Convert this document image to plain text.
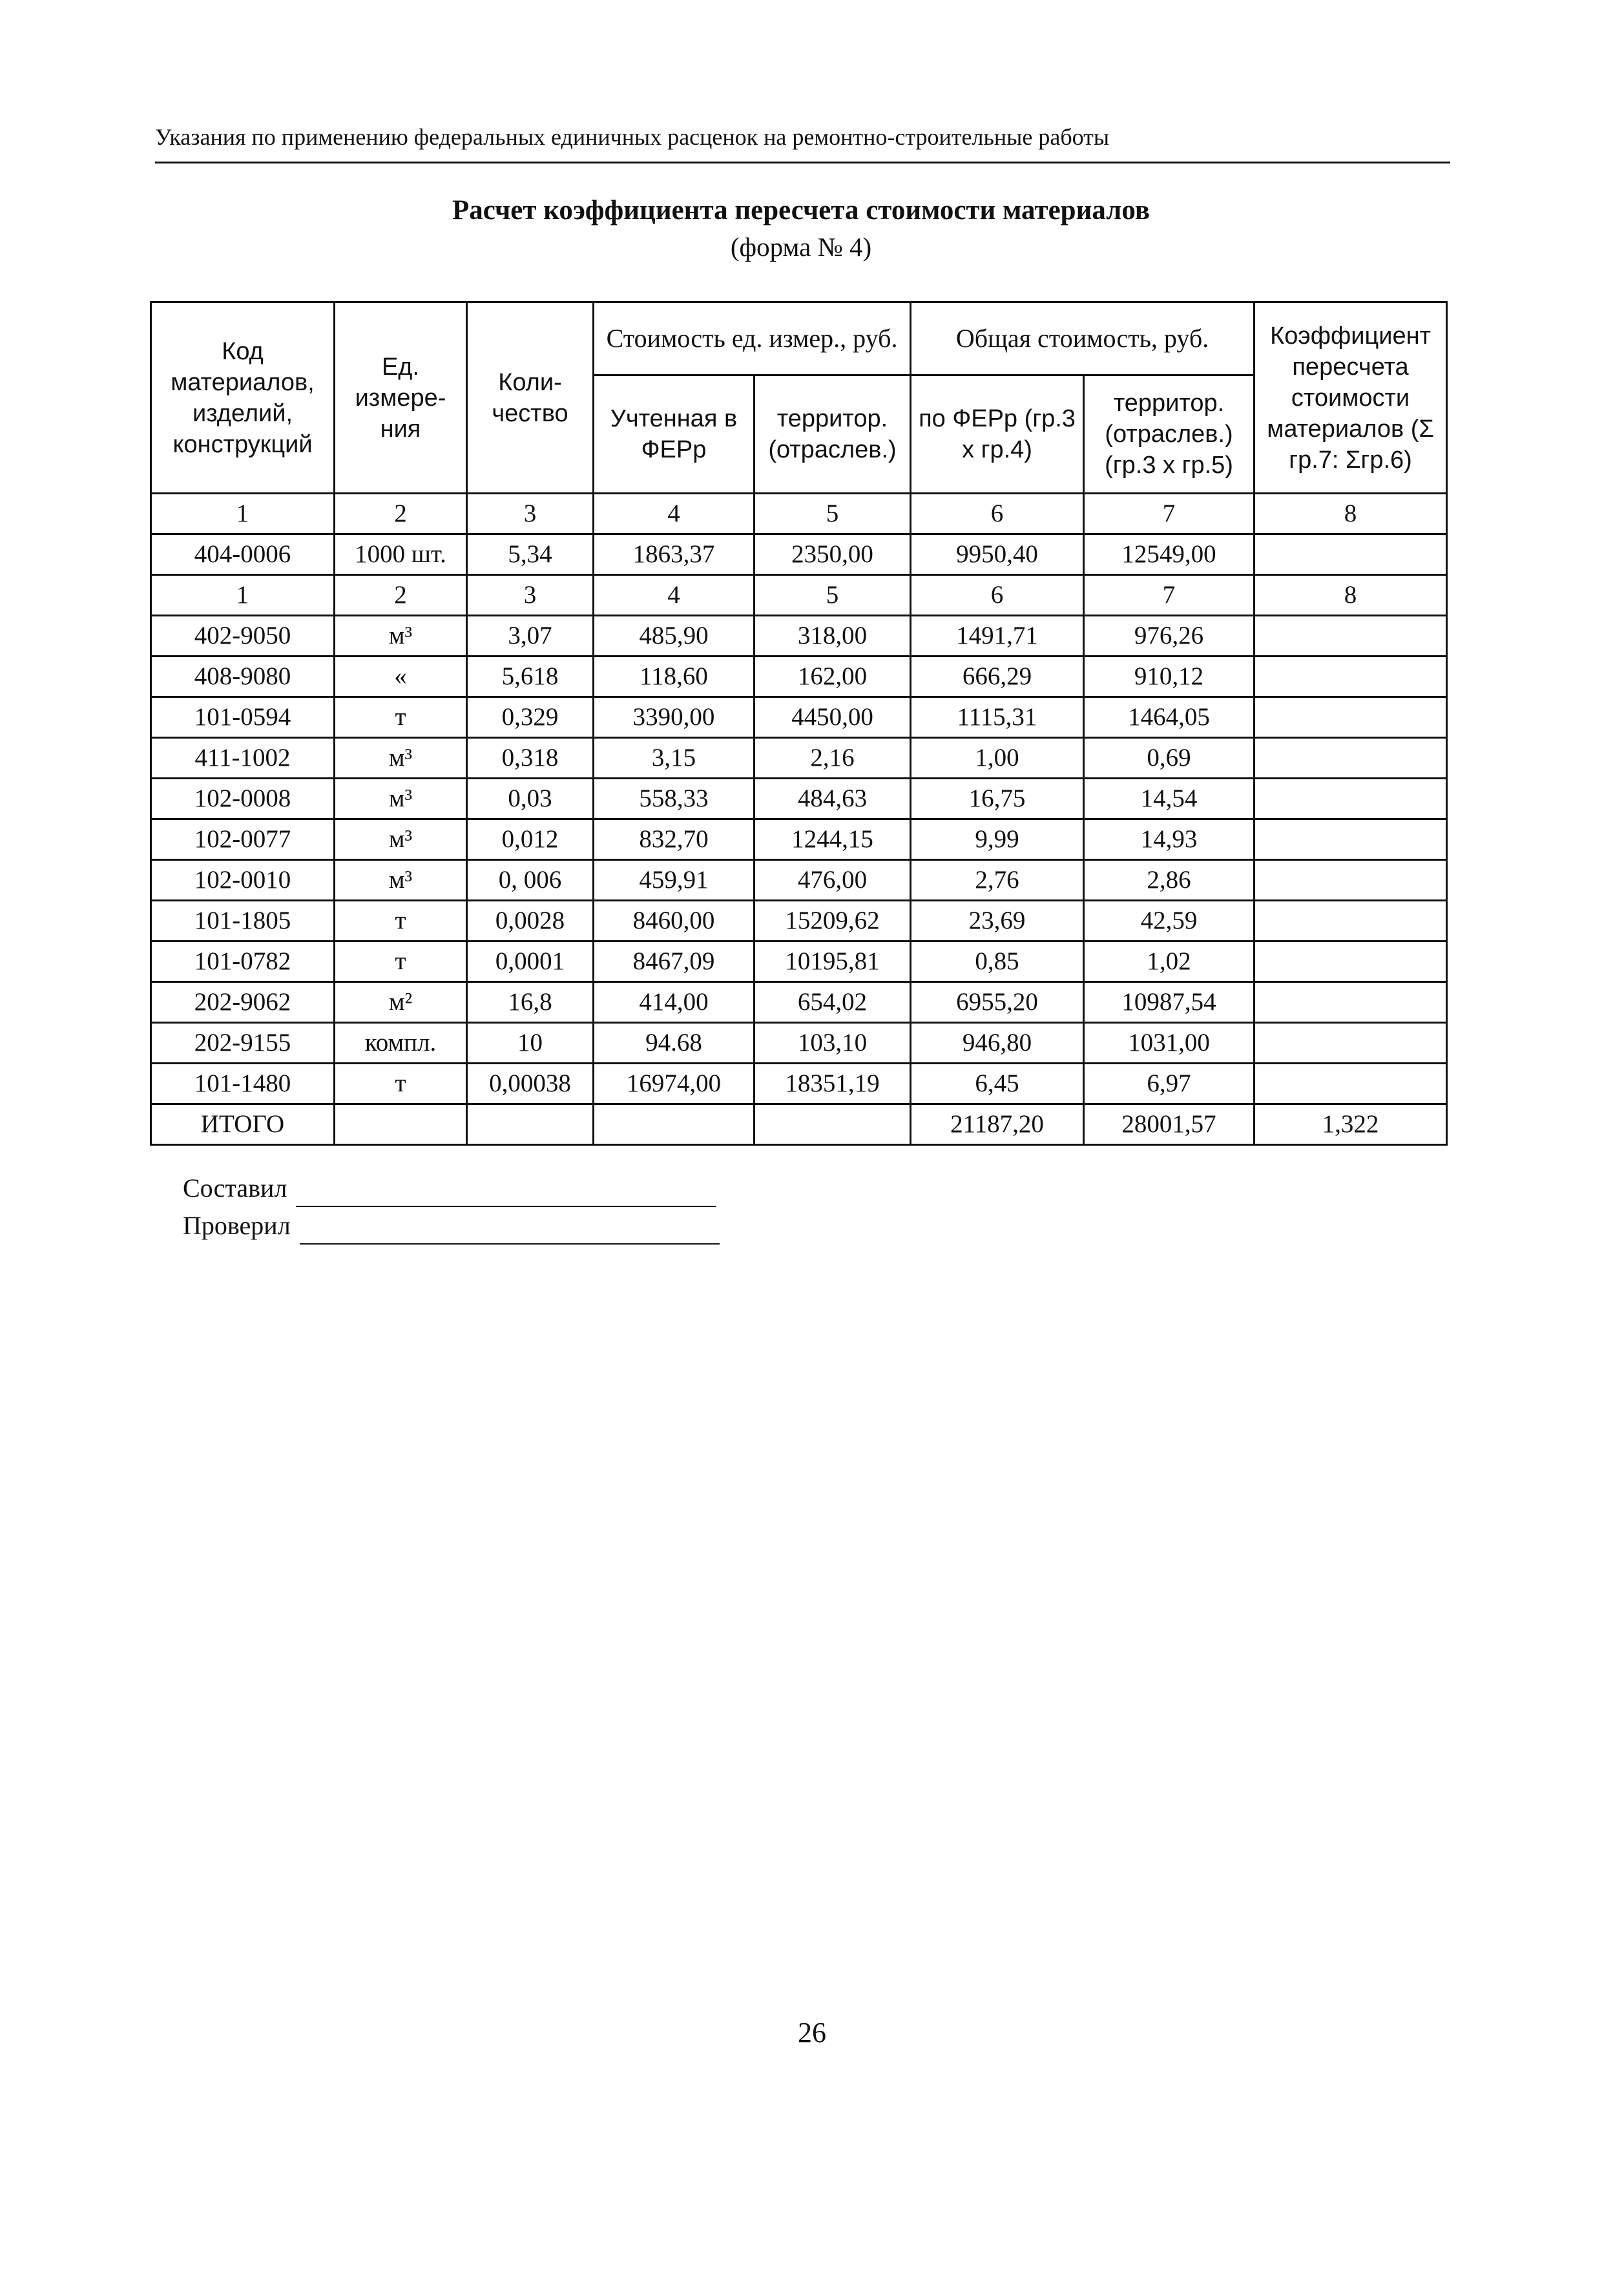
Указания по применению федеральных единичных расценок на ремонтно-строительные работы
Расчет коэффициента пересчета стоимости материалов
(форма № 4)
Код материалов, изделий, конструкций	Ед. измере-ния	Коли-чество	Стоимость ед. измер., руб.		Общая стоимость, руб.		Коэффициент пересчета стоимости материалов (Σ гр.7: Σгр.6)
			Учтенная в ФЕРр	территор. (отраслев.)	по ФЕРр (гр.3 х гр.4)	территор. (отраслев.) (гр.3 х гр.5)	
1	2	3	4	5	6	7	8
404-0006	1000 шт.	5,34	1863,37	2350,00	9950,40	12549,00	
1	2	3	4	5	6	7	8
402-9050	м³	3,07	485,90	318,00	1491,71	976,26	
408-9080	«	5,618	118,60	162,00	666,29	910,12	
101-0594	т	0,329	3390,00	4450,00	1115,31	1464,05	
411-1002	м³	0,318	3,15	2,16	1,00	0,69	
102-0008	м³	0,03	558,33	484,63	16,75	14,54	
102-0077	м³	0,012	832,70	1244,15	9,99	14,93	
102-0010	м³	0, 006	459,91	476,00	2,76	2,86	
101-1805	т	0,0028	8460,00	15209,62	23,69	42,59	
101-0782	т	0,0001	8467,09	10195,81	0,85	1,02	
202-9062	м²	16,8	414,00	654,02	6955,20	10987,54	
202-9155	компл.	10	94.68	103,10	946,80	1031,00	
101-1480	т	0,00038	16974,00	18351,19	6,45	6,97	
ИТОГО					21187,20	28001,57	1,322
Составил
Проверил
26
